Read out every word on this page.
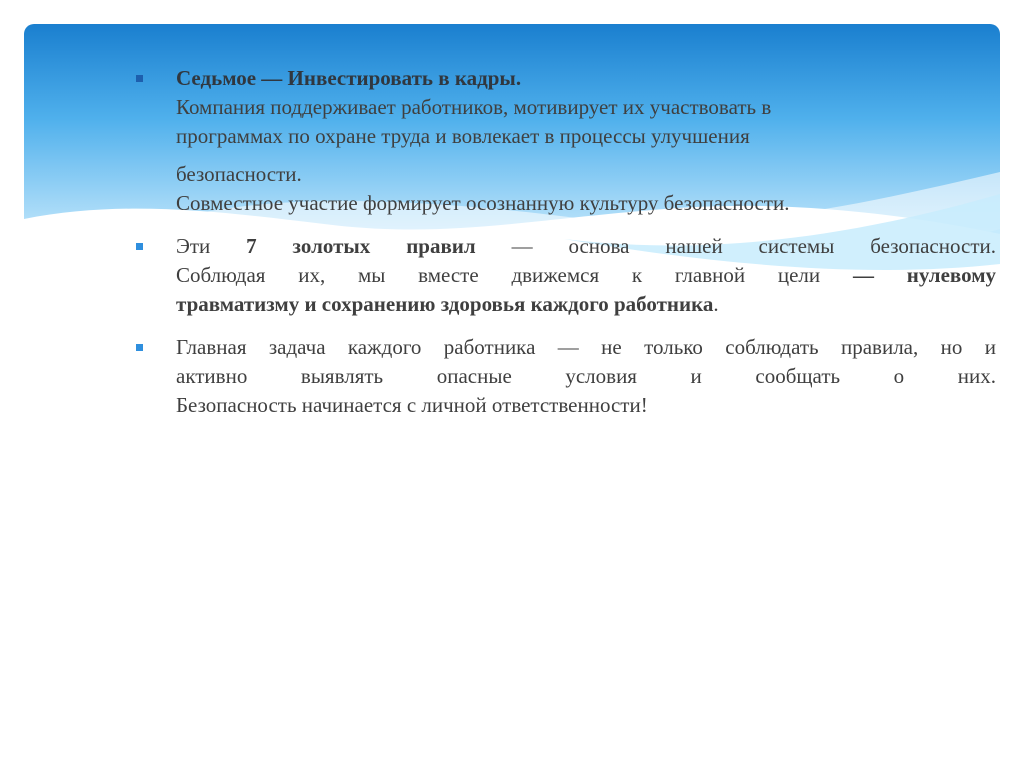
Седьмое — Инвестировать в кадры.
Компания поддерживает работников, мотивирует их участвовать в
программах по охране труда и вовлекает в процессы улучшения
безопасности.
Совместное участие формирует осознанную культуру безопасности.
Эти 7 золотых правил — основа нашей системы безопасности.
Соблюдая их, мы вместе движемся к главной цели — нулевому
травматизму и сохранению здоровья каждого работника.
Главная задача каждого работника — не только соблюдать правила, но и
активно выявлять опасные условия и сообщать о них.
Безопасность начинается с личной ответственности!
